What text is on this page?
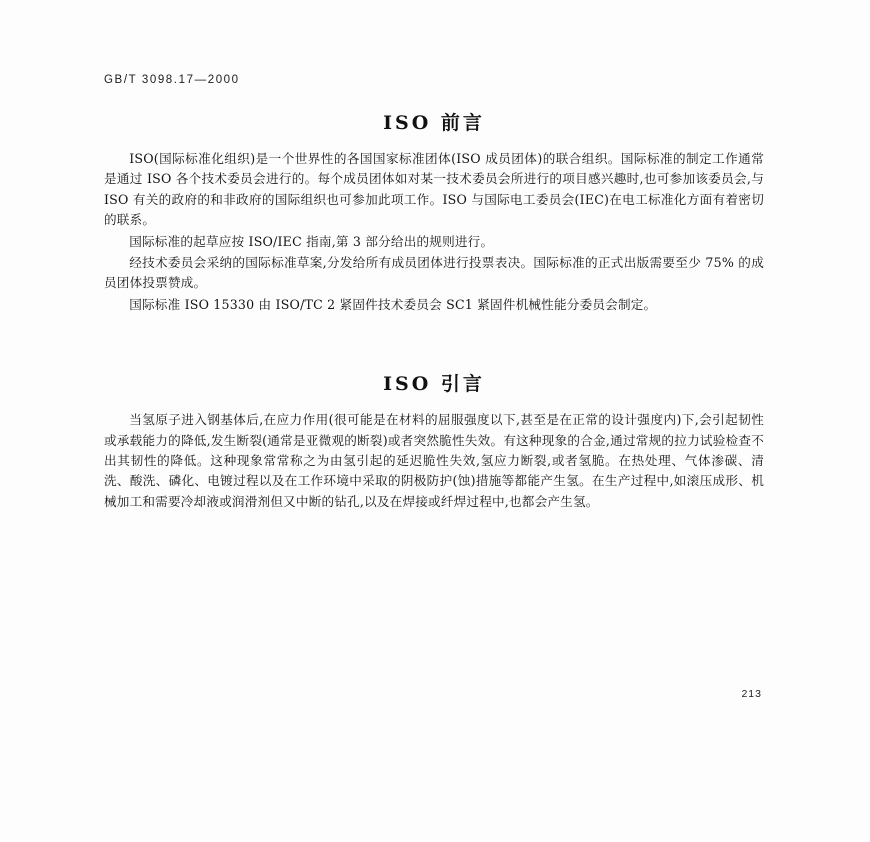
GB/T 3098.17—2000
ISO 前言

ISO(国际标准化组织)是一个世界性的各国国家标准团体(ISO 成员团体)的联合组织。国际标准的制定工作通常是通过 ISO 各个技术委员会进行的。每个成员团体如对某一技术委员会所进行的项目感兴趣时,也可参加该委员会,与 ISO 有关的政府的和非政府的国际组织也可参加此项工作。ISO 与国际电工委员会(IEC)在电工标准化方面有着密切的联系。

国际标准的起草应按 ISO/IEC 指南,第 3 部分给出的规则进行。

经技术委员会采纳的国际标准草案,分发给所有成员团体进行投票表决。国际标准的正式出版需要至少 75% 的成员团体投票赞成。

国际标准 ISO 15330 由 ISO/TC 2 紧固件技术委员会 SC1 紧固件机械性能分委员会制定。

ISO 引言

当氢原子进入钢基体后,在应力作用(很可能是在材料的屈服强度以下,甚至是在正常的设计强度内)下,会引起韧性或承载能力的降低,发生断裂(通常是亚微观的断裂)或者突然脆性失效。有这种现象的合金,通过常规的拉力试验检查不出其韧性的降低。这种现象常常称之为由氢引起的延迟脆性失效,氢应力断裂,或者氢脆。在热处理、气体渗碳、清洗、酸洗、磷化、电镀过程以及在工作环境中采取的阴极防护(蚀)措施等都能产生氢。在生产过程中,如滚压成形、机械加工和需要冷却液或润滑剂但又中断的钻孔,以及在焊接或纤焊过程中,也都会产生氢。

213
